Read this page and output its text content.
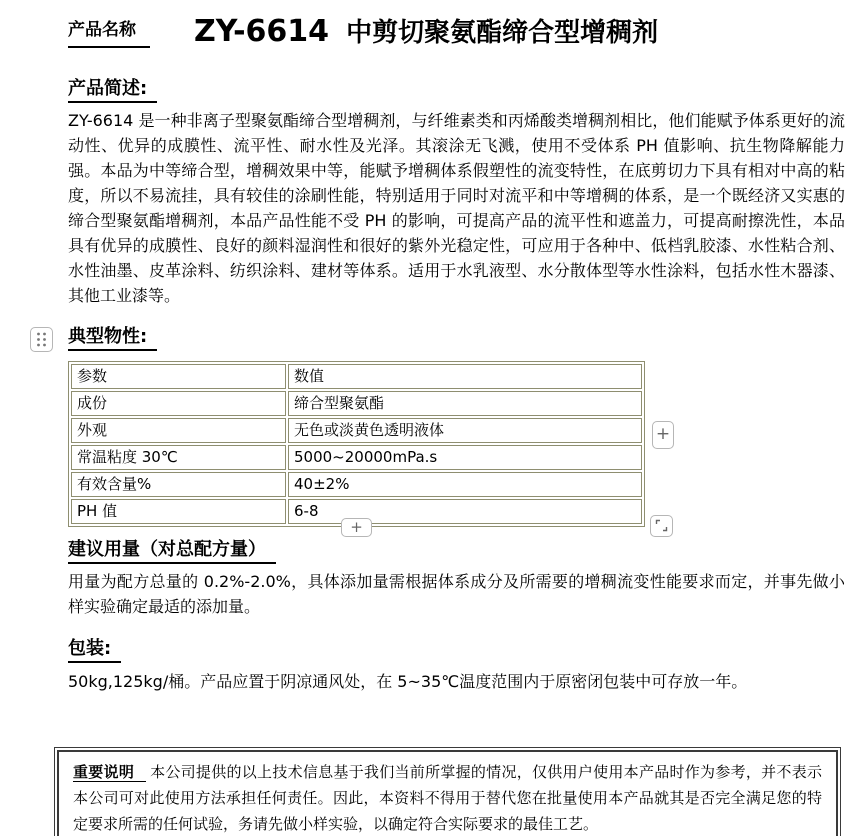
产品名称	ZY-6614 中剪切聚氨酯缔合型增稠剂
产品简述:

ZY-6614 是一种非离子型聚氨酯缔合型增稠剂，与纤维素类和丙烯酸类增稠剂相比，他们能赋予体系更好的流动性、优异的成膜性、流平性、耐水性及光泽。其滚涂无飞溅，使用不受体系 PH 值影响、抗生物降解能力强。本品为中等缔合型，增稠效果中等，能赋予增稠体系假塑性的流变特性，在底剪切力下具有相对中高的粘度，所以不易流挂，具有较佳的涂刷性能，特别适用于同时对流平和中等增稠的体系，是一个既经济又实惠的缔合型聚氨酯增稠剂，本品产品性能不受 PH 的影响，可提高产品的流平性和遮盖力，可提高耐擦洗性，本品具有优异的成膜性、良好的颜料湿润性和很好的紫外光稳定性，可应用于各种中、低档乳胶漆、水性粘合剂、水性油墨、皮革涂料、纺织涂料、建材等体系。适用于水乳液型、水分散体型等水性涂料，包括水性木器漆、其他工业漆等。

典型物性:
参数	数值
成份	缔合型聚氨酯
外观	无色或淡黄色透明液体
常温粘度 30℃	5000~20000mPa.s
有效含量%	40±2%
PH 值	6-8
+
+
建议用量（对总配方量）

用量为配方总量的 0.2%-2.0%，具体添加量需根据体系成分及所需要的增稠流变性能要求而定，并事先做小样实验确定最适的添加量。

包装:

50kg,125kg/桶。产品应置于阴凉通风处，在 5~35℃温度范围内于原密闭包装中可存放一年。

重要说明 本公司提供的以上技术信息基于我们当前所掌握的情况，仅供用户使用本产品时作为参考，并不表示本公司可对此使用方法承担任何责任。因此，本资料不得用于替代您在批量使用本产品就其是否完全满足您的特定要求所需的任何试验，务请先做小样实验，以确定符合实际要求的最佳工艺。
